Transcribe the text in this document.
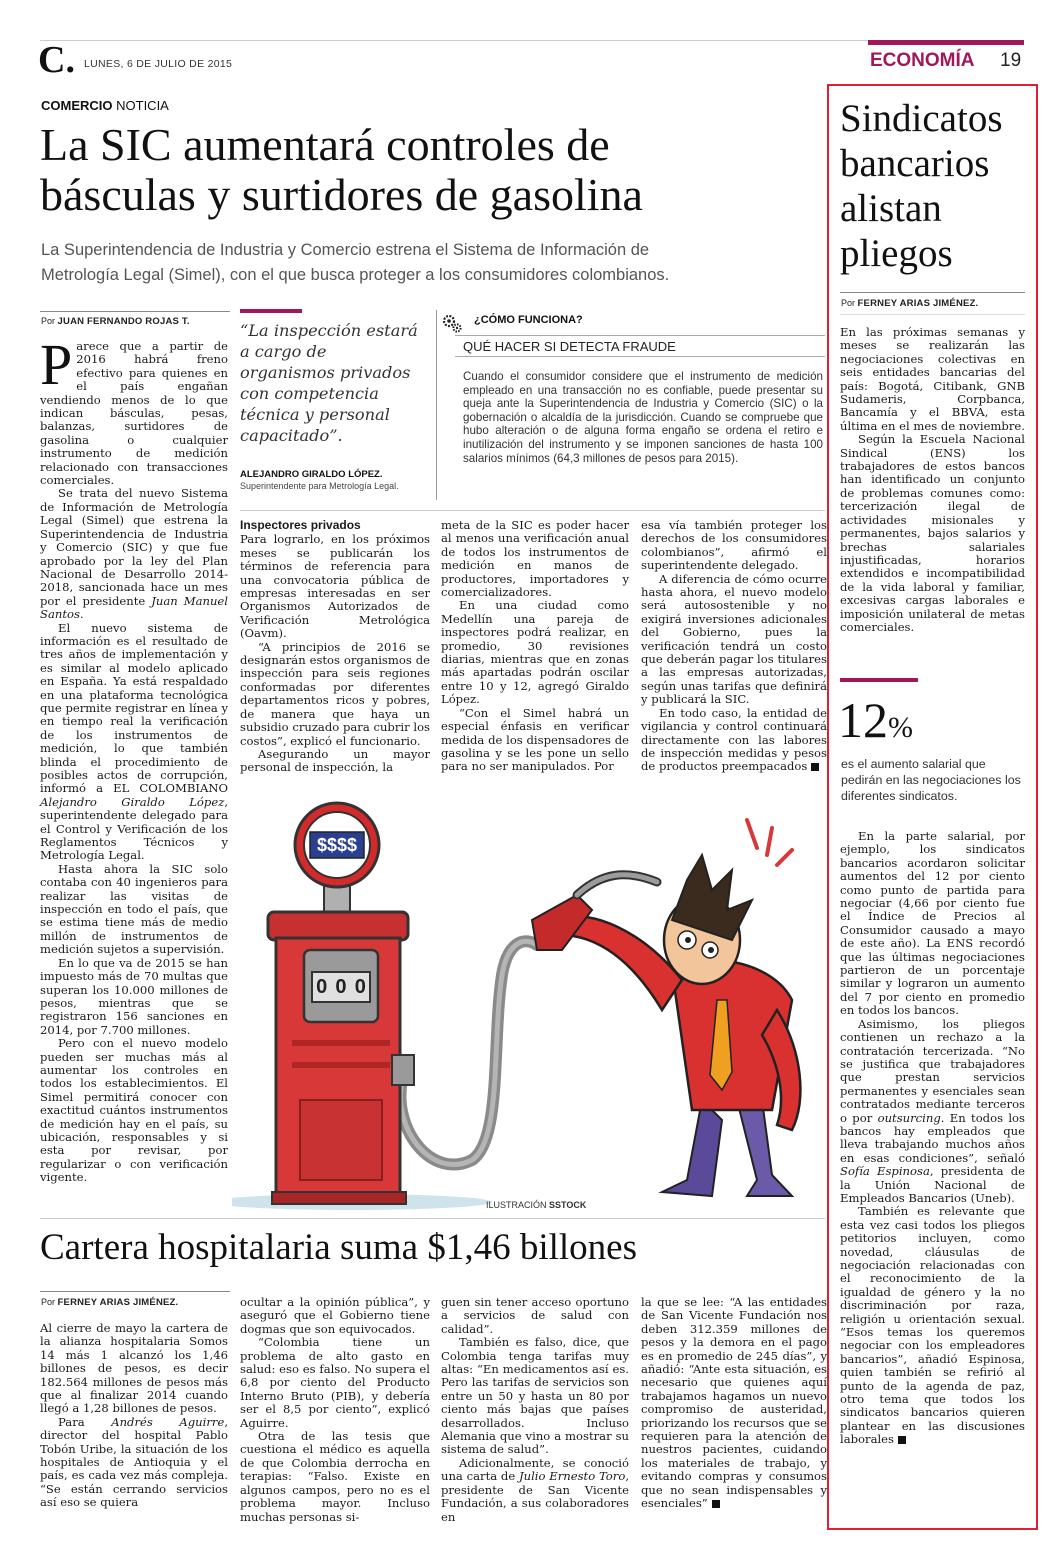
C. LUNES, 6 DE JULIO DE 2015	ECONOMÍA 19
COMERCIO NOTICIA
La SIC aumentará controles de
básculas y surtidores de gasolina
La Superintendencia de Industria y Comercio estrena el Sistema de Información de
Metrología Legal (Simel), con el que busca proteger a los consumidores colombianos.
Por JUAN FERNANDO ROJAS T.

Parece que a partir de 2016 habrá freno efectivo para quienes en el país engañan vendiendo menos de lo que indican básculas, pesas, balanzas, surtidores de gasolina o cualquier instrumento de medición relacionado con transacciones comerciales.

Se trata del nuevo Sistema de Información de Metrología Legal (Simel) que estrena la Superintendencia de Industria y Comercio (SIC) y que fue aprobado por la ley del Plan Nacional de Desarrollo 2014-2018, sancionada hace un mes por el presidente Juan Manuel Santos.

El nuevo sistema de información es el resultado de tres años de implementación y es similar al modelo aplicado en España. Ya está respaldado en una plataforma tecnológica que permite registrar en línea y en tiempo real la verificación de los instrumentos de medición, lo que también blinda el procedimiento de posibles actos de corrupción, informó a EL COLOMBIANO Alejandro Giraldo López, superintendente delegado para el Control y Verificación de los Reglamentos Técnicos y Metrología Legal.

Hasta ahora la SIC solo contaba con 40 ingenieros para realizar las visitas de inspección en todo el país, que se estima tiene más de medio millón de instrumentos de medición sujetos a supervisión.

En lo que va de 2015 se han impuesto más de 70 multas que superan los 10.000 millones de pesos, mientras que se registraron 156 sanciones en 2014, por 7.700 millones.

Pero con el nuevo modelo pueden ser muchas más al aumentar los controles en todos los establecimientos. El Simel permitirá conocer con exactitud cuántos instrumentos de medición hay en el país, su ubicación, responsables y si esta por revisar, por regularizar o con verificación vigente.

“La inspección estará a cargo de organismos privados con competencia técnica y personal capacitado”.
ALEJANDRO GIRALDO LÓPEZ.
Superintendente para Metrología Legal.
¿CÓMO FUNCIONA?
QUÉ HACER SI DETECTA FRAUDE
Cuando el consumidor considere que el instrumento de medición empleado en una transacción no es confiable, puede presentar su queja ante la Superintendencia de Industria y Comercio (SIC) o la gobernación o alcaldía de la jurisdicción. Cuando se compruebe que hubo alteración o de alguna forma engaño se ordena el retiro e inutilización del instrumento y se imponen sanciones de hasta 100 salarios mínimos (64,3 millones de pesos para 2015).
Inspectores privados

Para lograrlo, en los próximos meses se publicarán los términos de referencia para una convocatoria pública de empresas interesadas en ser Organismos Autorizados de Verificación Metrológica (Oavm).

“A principios de 2016 se designarán estos organismos de inspección para seis regiones conformadas por diferentes departamentos ricos y pobres, de manera que haya un subsidio cruzado para cubrir los costos”, explicó el funcionario.

Asegurando un mayor personal de inspección, la

meta de la SIC es poder hacer al menos una verificación anual de todos los instrumentos de medición en manos de productores, importadores y comercializadores.

En una ciudad como Medellín una pareja de inspectores podrá realizar, en promedio, 30 revisiones diarias, mientras que en zonas más apartadas podrán oscilar entre 10 y 12, agregó Giraldo López.

“Con el Simel habrá un especial énfasis en verificar medida de los dispensadores de gasolina y se les pone un sello para no ser manipulados. Por

esa vía también proteger los derechos de los consumidores colombianos”, afirmó el superintendente delegado.

A diferencia de cómo ocurre hasta ahora, el nuevo modelo será autosostenible y no exigirá inversiones adicionales del Gobierno, pues la verificación tendrá un costo que deberán pagar los titulares a las empresas autorizadas, según unas tarifas que definirá y publicará la SIC.

En todo caso, la entidad de vigilancia y control continuará directamente con las labores de inspección medidas y pesos de productos preempacados

$$$$
0 0 0
ILUSTRACIÓN SSTOCK
Cartera hospitalaria suma $1,46 billones
Por FERNEY ARIAS JIMÉNEZ.

Al cierre de mayo la cartera de la alianza hospitalaria Somos 14 más 1 alcanzó los 1,46 billones de pesos, es decir 182.564 millones de pesos más que al finalizar 2014 cuando llegó a 1,28 billones de pesos.

Para Andrés Aguirre, director del hospital Pablo Tobón Uribe, la situación de los hospitales de Antioquia y el país, es cada vez más compleja. “Se están cerrando servicios así eso se quiera

ocultar a la opinión pública”, y aseguró que el Gobierno tiene dogmas que son equivocados.

“Colombia tiene un problema de alto gasto en salud: eso es falso. No supera el 6,8 por ciento del Producto Interno Bruto (PIB), y debería ser el 8,5 por ciento”, explicó Aguirre.

Otra de las tesis que cuestiona el médico es aquella de que Colombia derrocha en terapias: “Falso. Existe en algunos campos, pero no es el problema mayor. Incluso muchas personas si-

guen sin tener acceso oportuno a servicios de salud con calidad”.

También es falso, dice, que Colombia tenga tarifas muy altas: “En medicamentos así es. Pero las tarifas de servicios son entre un 50 y hasta un 80 por ciento más bajas que países desarrollados. Incluso Alemania que vino a mostrar su sistema de salud”.

Adicionalmente, se conoció una carta de Julio Ernesto Toro, presidente de San Vicente Fundación, a sus colaboradores en

la que se lee: “A las entidades de San Vicente Fundación nos deben 312.359 millones de pesos y la demora en el pago es en promedio de 245 días”, y añadió: “Ante esta situación, es necesario que quienes aquí trabajamos hagamos un nuevo compromiso de austeridad, priorizando los recursos que se requieren para la atención de nuestros pacientes, cuidando los materiales de trabajo, y evitando compras y consumos que no sean indispensables y esenciales”

Sindicatos
bancarios
alistan
pliegos
Por FERNEY ARIAS JIMÉNEZ.

En las próximas semanas y meses se realizarán las negociaciones colectivas en seis entidades bancarias del país: Bogotá, Citibank, GNB Sudameris, Corpbanca, Bancamía y el BBVA, esta última en el mes de noviembre.

Según la Escuela Nacional Sindical (ENS) los trabajadores de estos bancos han identificado un conjunto de problemas comunes como: tercerización ilegal de actividades misionales y permanentes, bajos salarios y brechas salariales injustificadas, horarios extendidos e incompatibilidad de la vida laboral y familiar, excesivas cargas laborales e imposición unilateral de metas comerciales.

12%
es el aumento salarial que pedirán en las negociaciones los diferentes sindicatos.

En la parte salarial, por ejemplo, los sindicatos bancarios acordaron solicitar aumentos del 12 por ciento como punto de partida para negociar (4,66 por ciento fue el Índice de Precios al Consumidor causado a mayo de este año). La ENS recordó que las últimas negociaciones partieron de un porcentaje similar y lograron un aumento del 7 por ciento en promedio en todos los bancos.

Asimismo, los pliegos contienen un rechazo a la contratación tercerizada. “No se justifica que trabajadores que prestan servicios permanentes y esenciales sean contratados mediante terceros o por outsurcing. En todos los bancos hay empleados que lleva trabajando muchos años en esas condiciones”, señaló Sofía Espinosa, presidenta de la Unión Nacional de Empleados Bancarios (Uneb).

También es relevante que esta vez casi todos los pliegos petitorios incluyen, como novedad, cláusulas de negociación relacionadas con el reconocimiento de la igualdad de género y la no discriminación por raza, religión u orientación sexual. “Esos temas los queremos negociar con los empleadores bancarios”, añadió Espinosa, quien también se refirió al punto de la agenda de paz, otro tema que todos los sindicatos bancarios quieren plantear en las discusiones laborales
